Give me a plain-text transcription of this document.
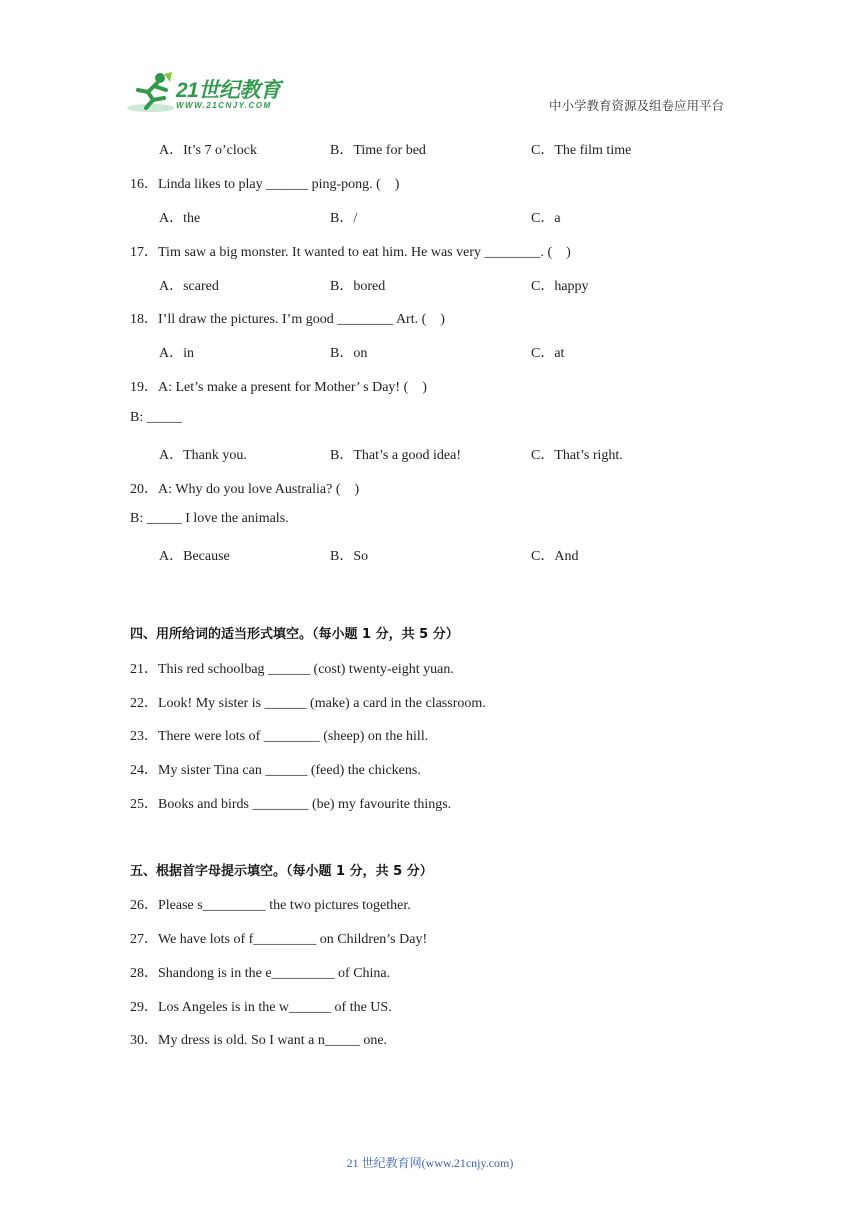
21世纪教育
WWW.21CNJY.COM	中小学教育资源及组卷应用平台
A．It’s 7 o’clock	B．Time for bed	C．The film time
16．Linda likes to play ______ ping-pong. (　)
A．the	B．/	C．a
17．Tim saw a big monster. It wanted to eat him. He was very ________. (　)
A．scared	B．bored	C．happy
18．I’ll draw the pictures. I’m good ________ Art. (　)
A．in	B．on	C．at
19．A: Let’s make a present for Mother’ s Day! (　)
B: _____
A．Thank you.	B．That’s a good idea!	C．That’s right.
20．A: Why do you love Australia? (　)
B: _____ I love the animals.
A．Because	B．So	C．And
四、用所给词的适当形式填空。（每小题 1 分，共 5 分）
21．This red schoolbag ______ (cost) twenty-eight yuan.
22．Look! My sister is ______ (make) a card in the classroom.
23．There were lots of ________ (sheep) on the hill.
24．My sister Tina can ______ (feed) the chickens.
25．Books and birds ________ (be) my favourite things.
五、根据首字母提示填空。（每小题 1 分，共 5 分）
26．Please s_________ the two pictures together.
27．We have lots of f_________ on Children’s Day!
28．Shandong is in the e_________ of China.
29．Los Angeles is in the w______ of the US.
30．My dress is old. So I want a n_____ one.
21 世纪教育网(www.21cnjy.com)
